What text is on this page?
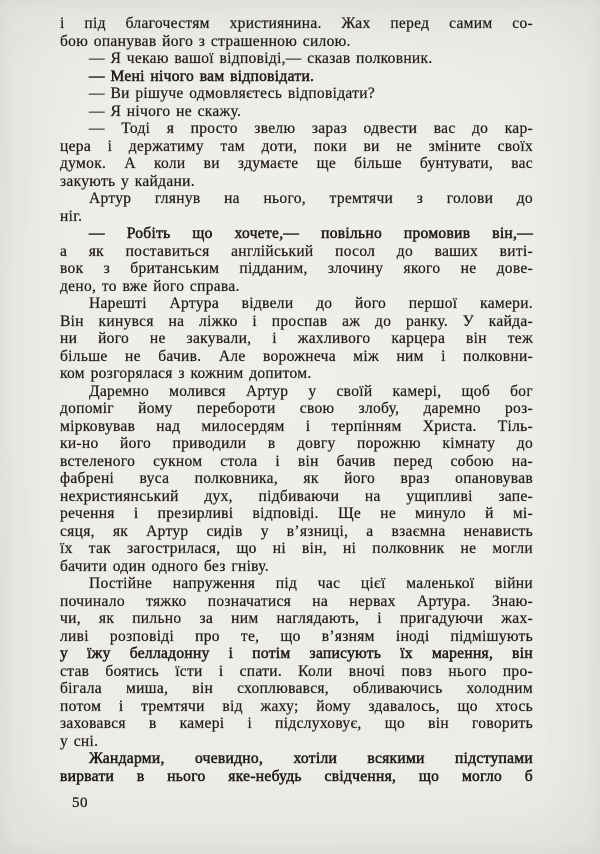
і під благочестям християнина. Жах перед самим со-
бою опанував його з страшенною силою.
— Я чекаю вашої відповіді,— сказав полковник.
— Мені нічого вам відповідати.
— Ви рішуче одмовляєтесь відповідати?
— Я нічого не скажу.
— Тоді я просто звелю зараз одвести вас до кар-
цера і держатиму там доти, поки ви не зміните своїх
думок. А коли ви здумаєте ще більше бунтувати, вас
закують у кайдани.
Артур глянув на нього, тремтячи з голови до
ніг.
— Робіть що хочете,— повільно промовив він,—
а як поставиться англійський посол до ваших виті-
вок з британським підданим, злочину якого не дове-
дено, то вже його справа.
Нарешті Артура відвели до його першої камери.
Він кинувся на ліжко і проспав аж до ранку. У кайда-
ни його не закували, і жахливого карцера він теж
більше не бачив. Але ворожнеча між ним і полковни-
ком розгорялася з кожним допитом.
Даремно молився Артур у своїй камері, щоб бог
допоміг йому перебороти свою злобу, даремно роз-
мірковував над милосердям і терпінням Христа. Тіль-
ки-но його приводили в довгу порожню кімнату до
встеленого сукном стола і він бачив перед собою на-
фабрені вуса полковника, як його враз опановував
нехристиянський дух, підбиваючи на ущипливі запе-
речення і презирливі відповіді. Ще не минуло й мі-
сяця, як Артур сидів у в’язниці, а взаємна ненависть
їх так загострилася, що ні він, ні полковник не могли
бачити один одного без гніву.
Постійне напруження під час цієї маленької війни
починало тяжко позначатися на нервах Артура. Знаю-
чи, як пильно за ним наглядають, і пригадуючи жах-
ливі розповіді про те, що в’язням іноді підмішують
у їжу белладонну і потім записують їх марення, він
став боятись їсти і спати. Коли вночі повз нього про-
бігала миша, він схоплювався, обливаючись холодним
потом і тремтячи від жаху; йому здавалось, що хтось
заховався в камері і підслуховує, що він говорить
у сні.
Жандарми, очевидно, хотіли всякими підступами
вирвати в нього яке-небудь свідчення, що могло б
50
